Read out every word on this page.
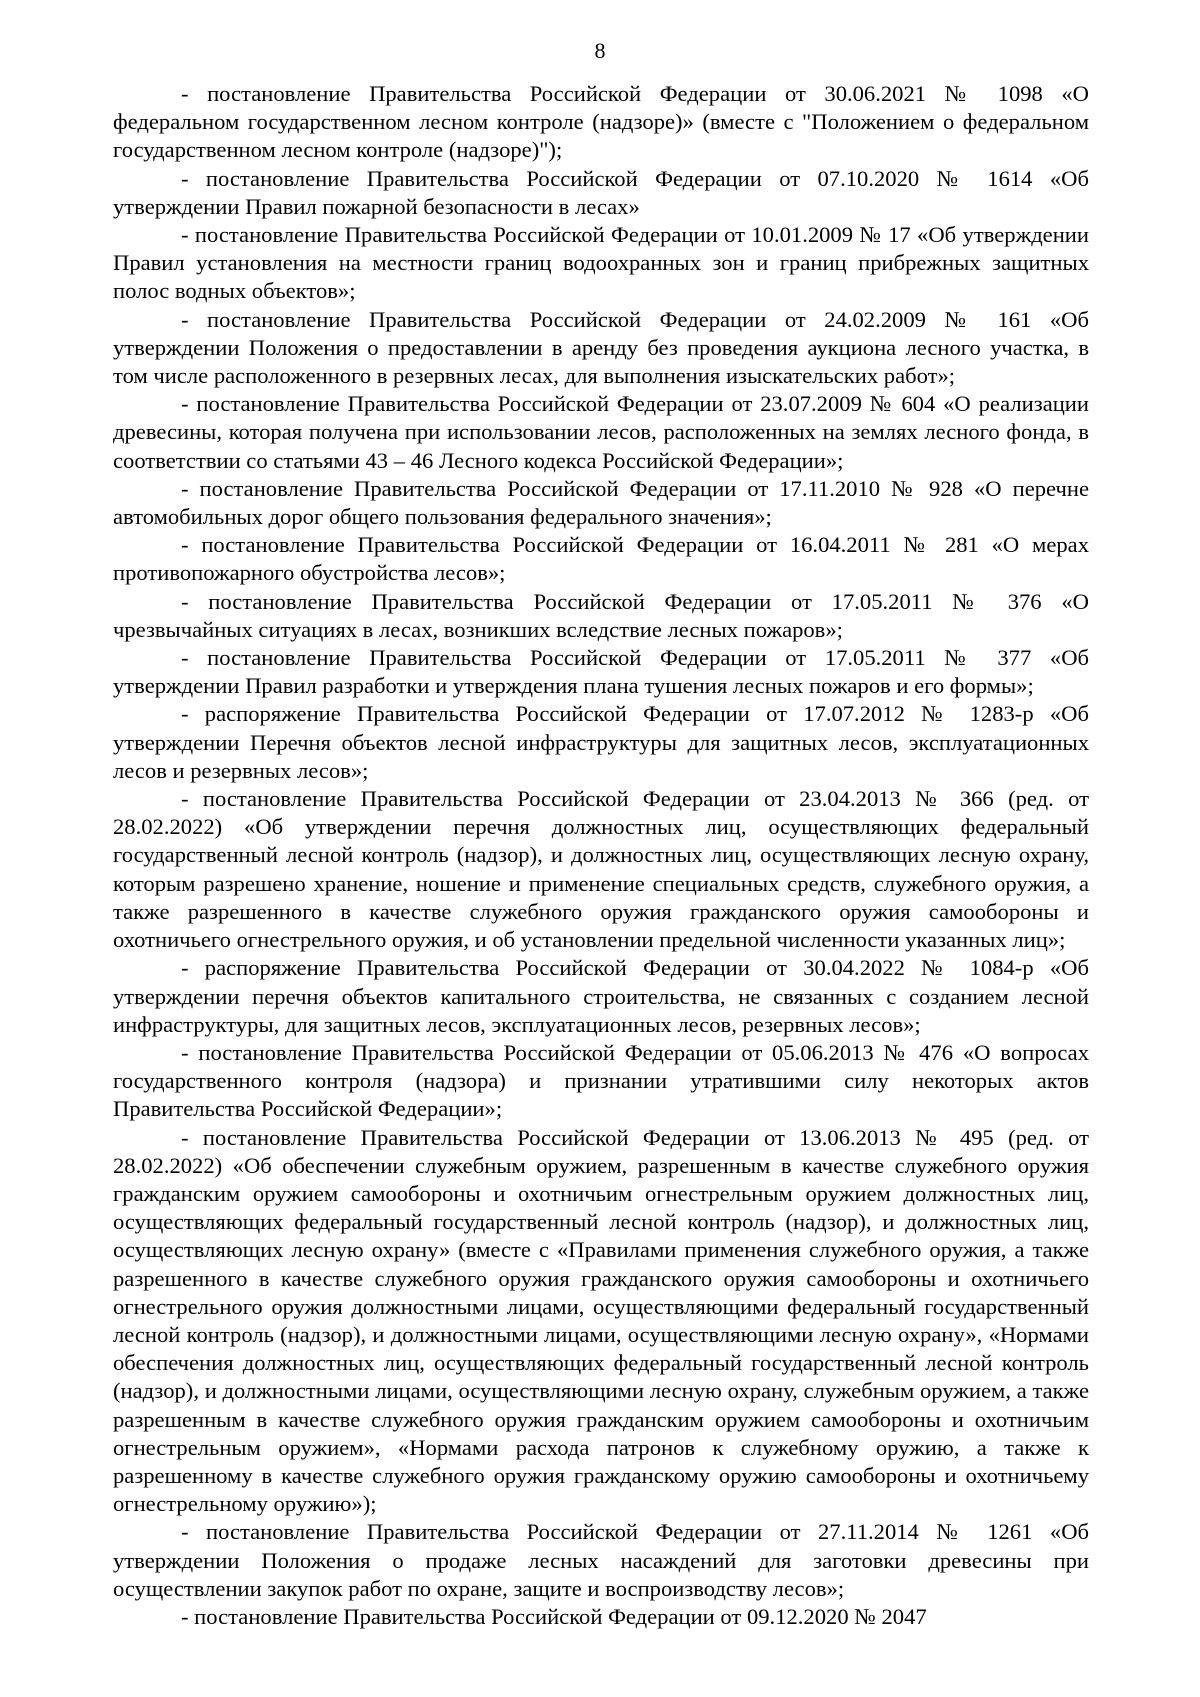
8

- постановление Правительства Российской Федерации от 30.06.2021 № 1098 «О федеральном государственном лесном контроле (надзоре)» (вместе с "Положением о федеральном государственном лесном контроле (надзоре)");

- постановление Правительства Российской Федерации от 07.10.2020 № 1614 «Об утверждении Правил пожарной безопасности в лесах»

- постановление Правительства Российской Федерации от 10.01.2009 № 17 «Об утверждении Правил установления на местности границ водоохранных зон и границ прибрежных защитных полос водных объектов»;

- постановление Правительства Российской Федерации от 24.02.2009 № 161 «Об утверждении Положения о предоставлении в аренду без проведения аукциона лесного участка, в том числе расположенного в резервных лесах, для выполнения изыскательских работ»;

- постановление Правительства Российской Федерации от 23.07.2009 № 604 «О реализации древесины, которая получена при использовании лесов, расположенных на землях лесного фонда, в соответствии со статьями 43 – 46 Лесного кодекса Российской Федерации»;

- постановление Правительства Российской Федерации от 17.11.2010 № 928 «О перечне автомобильных дорог общего пользования федерального значения»;

- постановление Правительства Российской Федерации от 16.04.2011 № 281 «О мерах противопожарного обустройства лесов»;

- постановление Правительства Российской Федерации от 17.05.2011 № 376 «О чрезвычайных ситуациях в лесах, возникших вследствие лесных пожаров»;

- постановление Правительства Российской Федерации от 17.05.2011 № 377 «Об утверждении Правил разработки и утверждения плана тушения лесных пожаров и его формы»;

- распоряжение Правительства Российской Федерации от 17.07.2012 № 1283-р «Об утверждении Перечня объектов лесной инфраструктуры для защитных лесов, эксплуатационных лесов и резервных лесов»;

- постановление Правительства Российской Федерации от 23.04.2013 № 366 (ред. от 28.02.2022) «Об утверждении перечня должностных лиц, осуществляющих федеральный государственный лесной контроль (надзор), и должностных лиц, осуществляющих лесную охрану, которым разрешено хранение, ношение и применение специальных средств, служебного оружия, а также разрешенного в качестве служебного оружия гражданского оружия самообороны и охотничьего огнестрельного оружия, и об установлении предельной численности указанных лиц»;

- распоряжение Правительства Российской Федерации от 30.04.2022 № 1084-р «Об утверждении перечня объектов капитального строительства, не связанных с созданием лесной инфраструктуры, для защитных лесов, эксплуатационных лесов, резервных лесов»;

- постановление Правительства Российской Федерации от 05.06.2013 № 476 «О вопросах государственного контроля (надзора) и признании утратившими силу некоторых актов Правительства Российской Федерации»;

- постановление Правительства Российской Федерации от 13.06.2013 № 495 (ред. от 28.02.2022) «Об обеспечении служебным оружием, разрешенным в качестве служебного оружия гражданским оружием самообороны и охотничьим огнестрельным оружием должностных лиц, осуществляющих федеральный государственный лесной контроль (надзор), и должностных лиц, осуществляющих лесную охрану» (вместе с «Правилами применения служебного оружия, а также разрешенного в качестве служебного оружия гражданского оружия самообороны и охотничьего огнестрельного оружия должностными лицами, осуществляющими федеральный государственный лесной контроль (надзор), и должностными лицами, осуществляющими лесную охрану», «Нормами обеспечения должностных лиц, осуществляющих федеральный государственный лесной контроль (надзор), и должностными лицами, осуществляющими лесную охрану, служебным оружием, а также разрешенным в качестве служебного оружия гражданским оружием самообороны и охотничьим огнестрельным оружием», «Нормами расхода патронов к служебному оружию, а также к разрешенному в качестве служебного оружия гражданскому оружию самообороны и охотничьему огнестрельному оружию»);

- постановление Правительства Российской Федерации от 27.11.2014 № 1261 «Об утверждении Положения о продаже лесных насаждений для заготовки древесины при осуществлении закупок работ по охране, защите и воспроизводству лесов»;

- постановление Правительства Российской Федерации от 09.12.2020 № 2047
